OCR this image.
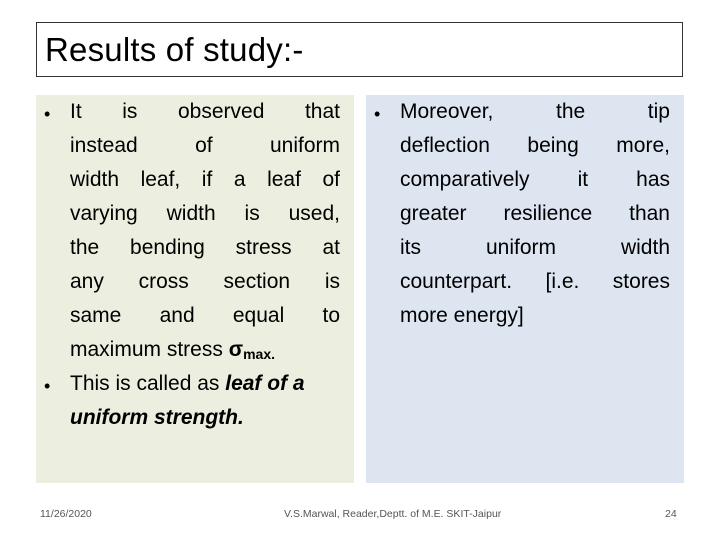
Results of study:-
• It is observed that
instead of uniform
width leaf, if a leaf of
varying width is used,
the bending stress at
any cross section is
same and equal to
maximum stress $\sigma_{max.}$
• This is called as leaf of a
uniform strength.
• Moreover, the tip
deflection being more,
comparatively it has
greater resilience than
its uniform width
counterpart. [i.e. stores
more energy]
11/26/2020	V.S.Marwal, Reader,Deptt. of M.E. SKIT-Jaipur	24
